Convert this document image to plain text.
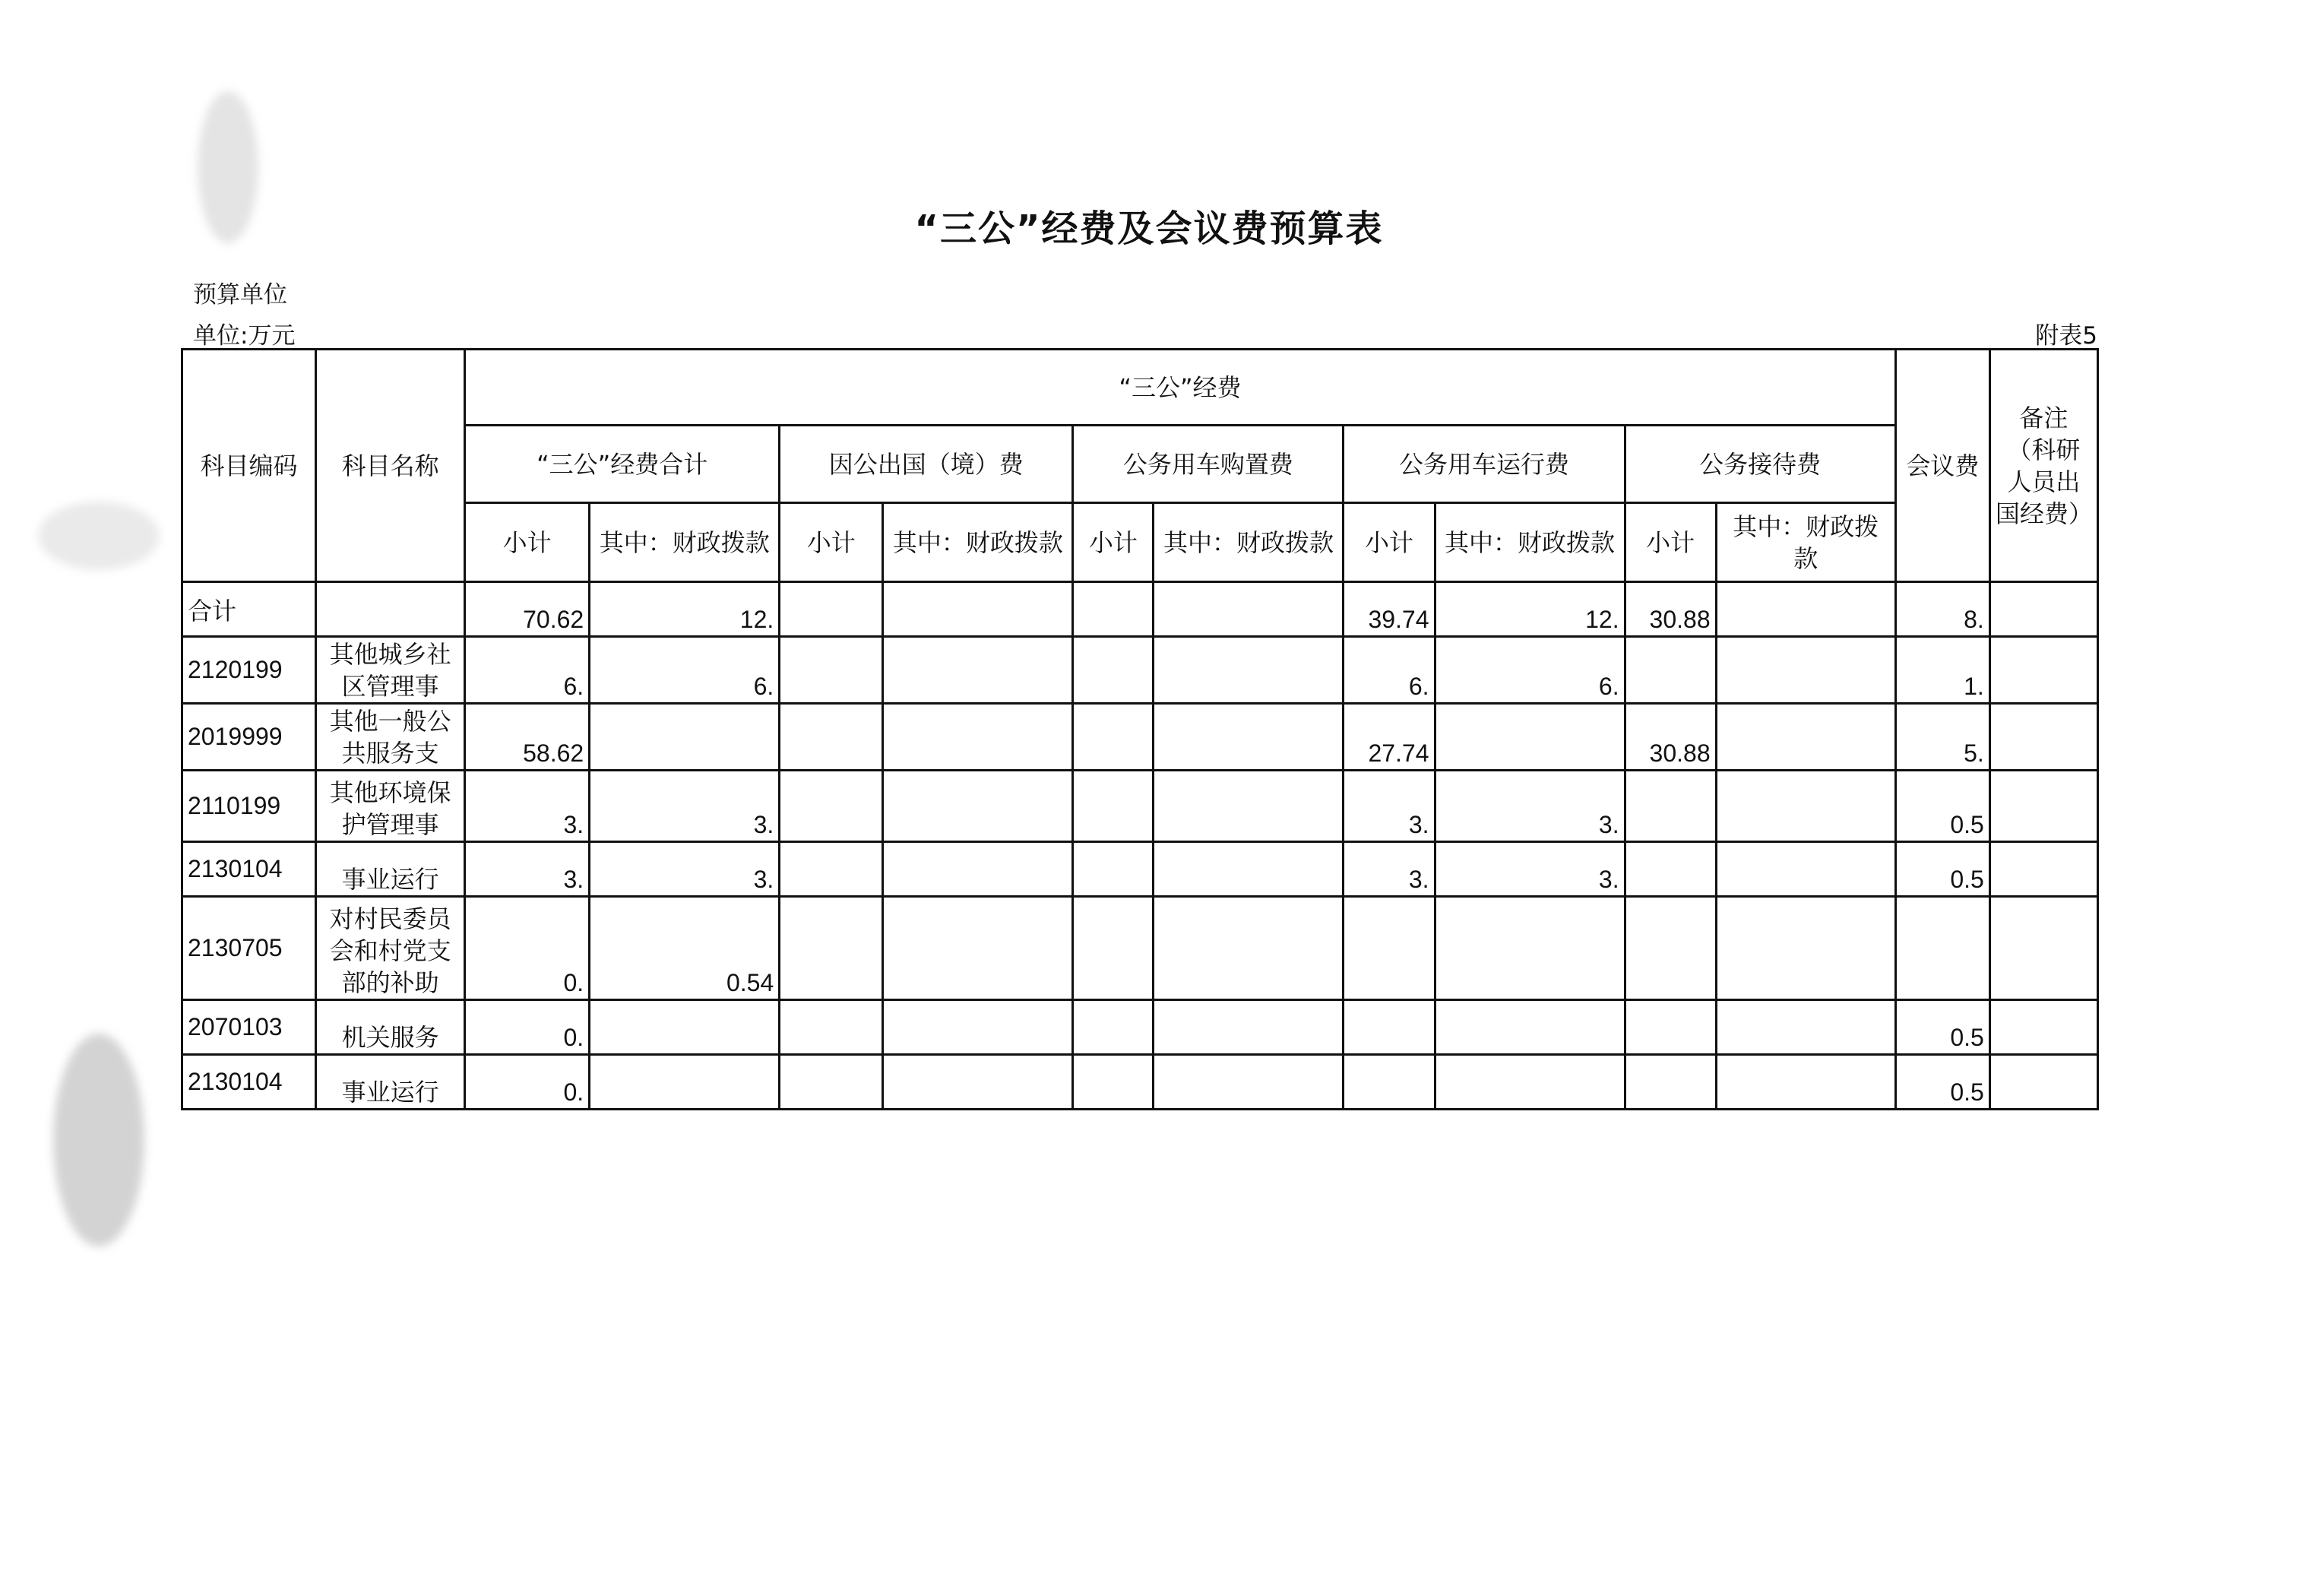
“三公”经费及会议费预算表
预算单位
单位:万元	附表5
科目编码	科目名称	“三公”经费										会议费	备注（科研人员出国经费）
		“三公”经费合计		因公出国（境）费		公务用车购置费		公务用车运行费		公务接待费			
		小计	其中：财政拨款	小计	其中：财政拨款	小计	其中：财政拨款	小计	其中：财政拨款	小计	其中：财政拨款		
合计		70.62	12.					39.74	12.	30.88		8.	
2120199	其他城乡社区管理事	6.	6.					6.	6.			1.	
2019999	其他一般公共服务支	58.62						27.74		30.88		5.	
2110199	其他环境保护管理事	3.	3.					3.	3.			0.5	
2130104	事业运行	3.	3.					3.	3.			0.5	
2130705	对村民委员会和村党支部的补助	0.	0.54										
2070103	机关服务	0.										0.5	
2130104	事业运行	0.										0.5	
